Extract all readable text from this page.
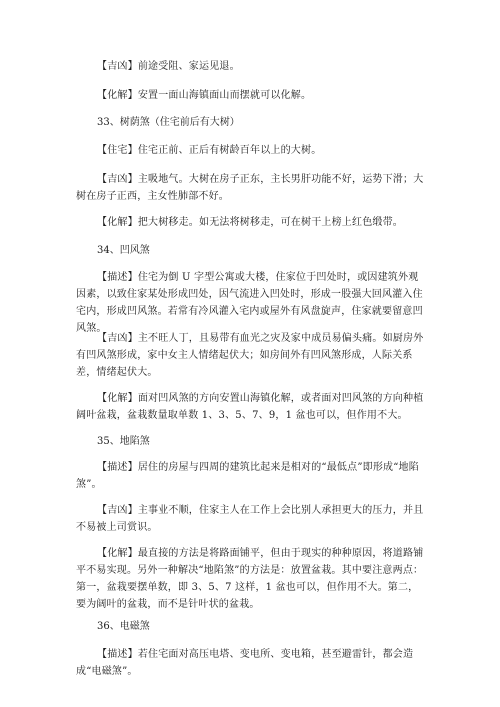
【吉凶】前途受阻、家运见退。

【化解】安置一面山海镇面山而摆就可以化解。

33、树荫煞（住宅前后有大树）

【住宅】住宅正前、正后有树龄百年以上的大树。

【吉凶】主吸地气。大树在房子正东，主长男肝功能不好，运势下滑；大树在房子正西，主女性肺部不好。

【化解】把大树移走。如无法将树移走，可在树干上榜上红色缎带。

34、凹风煞

【描述】住宅为倒 U 字型公寓或大楼，住家位于凹处时，或因建筑外观因素，以致住家某处形成凹处，因气流进入凹处时，形成一股强大回风灌入住宅内，形成凹风煞。若常有冷风灌入宅内或屋外有风盘旋声，住家就要留意凹风煞。

【吉凶】主不旺人丁，且易带有血光之灾及家中成员易偏头痛。如厨房外有凹风煞形成，家中女主人情绪起伏大；如房间外有凹风煞形成，人际关系差，情绪起伏大。

【化解】面对凹风煞的方向安置山海镇化解，或者面对凹风煞的方向种植阔叶盆栽，盆栽数量取单数 1、3、5、7、9，1 盆也可以，但作用不大。

35、地陷煞

【描述】居住的房屋与四周的建筑比起来是相对的“最低点”即形成“地陷煞”。

【吉凶】主事业不顺，住家主人在工作上会比别人承担更大的压力，并且不易被上司赏识。

【化解】最直接的方法是将路面铺平，但由于现实的种种原因，将道路铺平不易实现。另外一种解决“地陷煞”的方法是：放置盆栽。其中要注意两点：第一，盆栽要摆单数，即 3、5、7 这样，1 盆也可以，但作用不大。第二，要为阔叶的盆栽，而不是针叶状的盆栽。

36、电磁煞

【描述】若住宅面对高压电塔、变电所、变电箱，甚至避雷针，都会造成“电磁煞”。
